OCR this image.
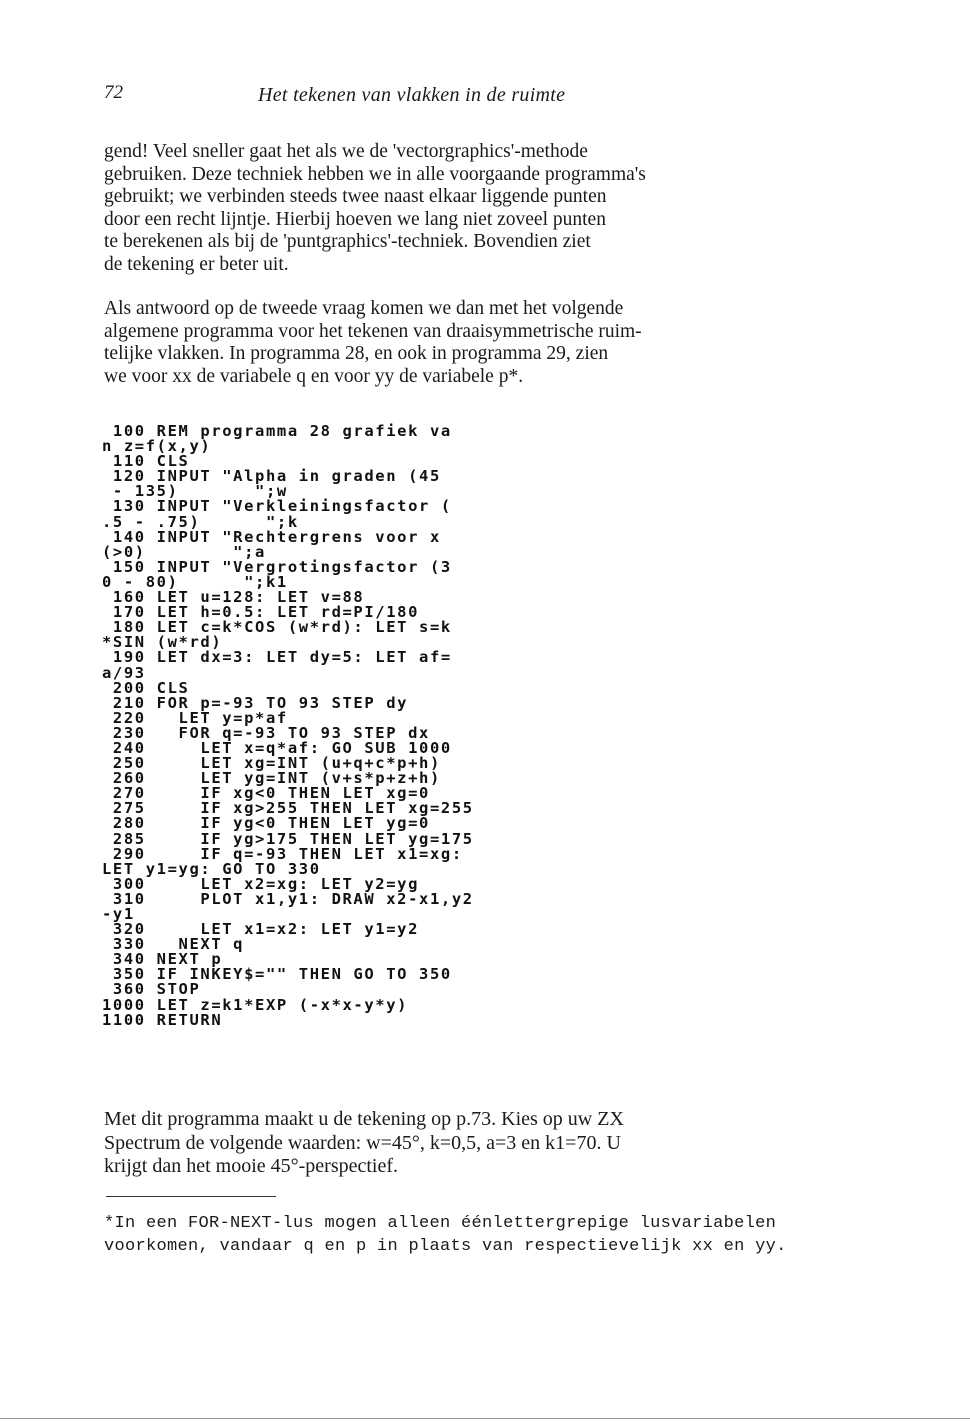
72	Het tekenen van vlakken in de ruimte

gend! Veel sneller gaat het als we de 'vectorgraphics'-methode
gebruiken. Deze techniek hebben we in alle voorgaande programma's
gebruikt; we verbinden steeds twee naast elkaar liggende punten
door een recht lijntje. Hierbij hoeven we lang niet zoveel punten
te berekenen als bij de 'puntgraphics'-techniek. Bovendien ziet
de tekening er beter uit.

Als antwoord op de tweede vraag komen we dan met het volgende
algemene programma voor het tekenen van draaisymmetrische ruim-
telijke vlakken. In programma 28, en ook in programma 29, zien
we voor xx de variabele q en voor yy de variabele p*.

100 REM programma 28 grafiek va
n z=f(x,y)
110 CLS
120 INPUT "Alpha in graden (45
- 135)       ";w
130 INPUT "Verkleiningsfactor (
.5 - .75)      ";k
140 INPUT "Rechtergrens voor x
(>0)        ";a
150 INPUT "Vergrotingsfactor (3
0 - 80)      ";k1
160 LET u=128: LET v=88
170 LET h=0.5: LET rd=PI/180
180 LET c=k*COS (w*rd): LET s=k
*SIN (w*rd)
190 LET dx=3: LET dy=5: LET af=
a/93
200 CLS
210 FOR p=-93 TO 93 STEP dy
220   LET y=p*af
230   FOR q=-93 TO 93 STEP dx
240     LET x=q*af: GO SUB 1000
250     LET xg=INT (u+q+c*p+h)
260     LET yg=INT (v+s*p+z+h)
270     IF xg<0 THEN LET xg=0
275     IF xg>255 THEN LET xg=255
280     IF yg<0 THEN LET yg=0
285     IF yg>175 THEN LET yg=175
290     IF q=-93 THEN LET x1=xg:
LET y1=yg: GO TO 330
300     LET x2=xg: LET y2=yg
310     PLOT x1,y1: DRAW x2-x1,y2
-y1
320     LET x1=x2: LET y1=y2
330   NEXT q
340 NEXT p
350 IF INKEY$="" THEN GO TO 350
360 STOP
1000 LET z=k1*EXP (-x*x-y*y)
1100 RETURN

Met dit programma maakt u de tekening op p.73. Kies op uw ZX
Spectrum de volgende waarden: w=45°, k=0,5, a=3 en k1=70. U
krijgt dan het mooie 45°-perspectief.

*In een FOR-NEXT-lus mogen alleen éénlettergrepige lusvariabelen
voorkomen, vandaar q en p in plaats van respectievelijk xx en yy.
